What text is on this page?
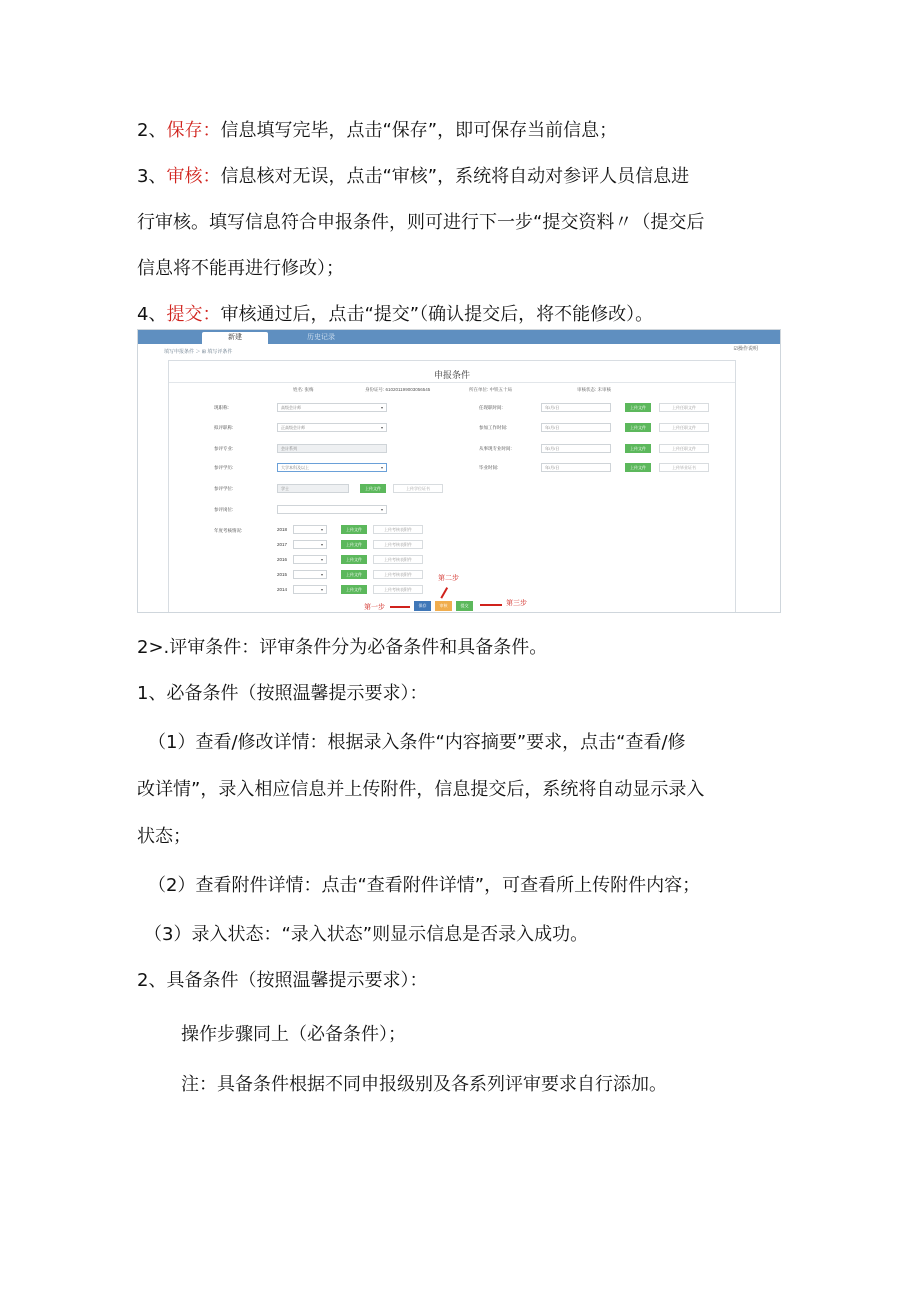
2、保存：信息填写完毕，点击“保存”，即可保存当前信息；
3、审核：信息核对无误，点击“审核”，系统将自动对参评人员信息进
行审核。填写信息符合申报条件，则可进行下一步“提交资料〃（提交后
信息将不能再进行修改）；
4、提交：审核通过后，点击“提交”（确认提交后，将不能修改）。
新建	历史记录
☑操作说明
填写申报条件 ＞ ⊞ 填写评条件
申报条件
姓名: 张梅	身份证号: 610201199003056545	所在单位: 中铁五十局	审核状态: 未审核
现职称:	高级会计师	▾
拟评职称:	正高级会计师	▾
参评专业:	会计系列
参评学历:	大学本科及以上	▾
参评学位:	学士	上传文件	上传学位证书
参评岗位:	▾
年度考核情况:	2018	▾	上传文件	上传考核表附件
2017	▾	上传文件	上传考核表附件
2016	▾	上传文件	上传考核表附件
2015	▾	上传文件	上传考核表附件
2014	▾	上传文件	上传考核表附件
任现职时间:	年/月/日	上传文件	上传任职文件
参加工作时间:	年/月/日	上传文件	上传任职文件
从事现专业时间:	年/月/日	上传文件	上传任职文件
毕业时间:	年/月/日	上传文件	上传毕业证书
保存	审核	提交
第一步
第二步
第三步
2>.评审条件：评审条件分为必备条件和具备条件。
1、必备条件（按照温馨提示要求）：
（1）查看/修改详情：根据录入条件“内容摘要”要求，点击“查看/修
改详情”，录入相应信息并上传附件，信息提交后，系统将自动显示录入
状态；
（2）查看附件详情：点击“查看附件详情”，可查看所上传附件内容；
（3）录入状态：“录入状态”则显示信息是否录入成功。
2、具备条件（按照温馨提示要求）：
操作步骤同上（必备条件）；
注：具备条件根据不同申报级别及各系列评审要求自行添加。
